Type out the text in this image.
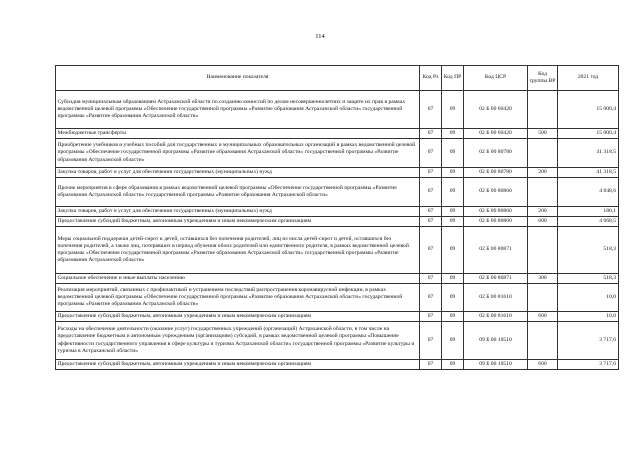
114
Наименование показателя	Код Рз	Код ПР	Код ЦСР	Код группы ВР	2021 год
Субсидия муниципальным образованиям Астраханской области по созданию комиссий по делам несовершеннолетних и защите их прав в рамках ведомственной целевой программы «Обеспечение государственной программы «Развитие образования Астраханской области» государственной программы «Развитие образования Астраханской области»	07	09	02 Б 00 60420		15 000,4
Межбюджетные трансферты	07	09	02 Б 00 60420	500	15 000,4
Приобретение учебников и учебных пособий для государственных и муниципальных образовательных организаций в рамках ведомственной целевой программы «Обеспечение государственной программы «Развитие образования Астраханской области» государственной программы «Развитие образования Астраханской области»	07	09	02 Б 00 80780		41 318,5
Закупка товаров, работ и услуг для обеспечения государственных (муниципальных) нужд	07	09	02 Б 00 80780	200	41 318,5
Прочие мероприятия в сфере образования в рамках ведомственной целевой программы «Обеспечение государственной программы «Развитие образования Астраханской области» государственной программы «Развитие образования Астраханской области»	07	09	02 Б 00 80860		4 848,6
Закупка товаров, работ и услуг для обеспечения государственных (муниципальных) нужд	07	09	02 Б 00 80860	200	180,1
Предоставление субсидий бюджетным, автономным учреждениям и иным некоммерческим организациям	07	09	02 Б 00 80860	600	4 668,5
Меры социальной поддержки детей-сирот и детей, оставшихся без попечения родителей, лиц из числа детей-сирот и детей, оставшихся без попечения родителей, а также лиц, потерявших в период обучения обоих родителей или единственного родителя, в рамках ведомственной целевой программы «Обеспечение государственной программы «Развитие образования Астраханской области» государственной программы «Развитие образования Астраханской области»	07	09	02 Б 00 80871		518,3
Социальное обеспечение и иные выплаты населению	07	09	02 Б 00 80871	300	518,3
Реализация мероприятий, связанных с профилактикой и устранением последствий распространения коронавирусной инфекции, в рамках ведомственной целевой программы «Обеспечение государственной программы «Развитие образования Астраханской области» государственной программы «Развитие образования Астраханской области»	07	09	02 Б 00 81610		10,0
Предоставление субсидий бюджетным, автономным учреждениям и иным некоммерческим организациям	07	09	02 Б 00 81610	600	10,0
Расходы на обеспечение деятельности (оказание услуг) государственных учреждений (организаций) Астраханской области, в том числе на предоставление бюджетным и автономным учреждениям (организациям) субсидий, в рамках ведомственной целевой программы «Повышение эффективности государственного управления в сфере культуры и туризма Астраханской области» государственной программы «Развитие культуры и туризма в Астраханской области»	07	09	09 Б 00 10510		3 717,6
Предоставление субсидий бюджетным, автономным учреждениям и иным некоммерческим организациям	07	09	09 Б 00 10510	600	3 717,6
